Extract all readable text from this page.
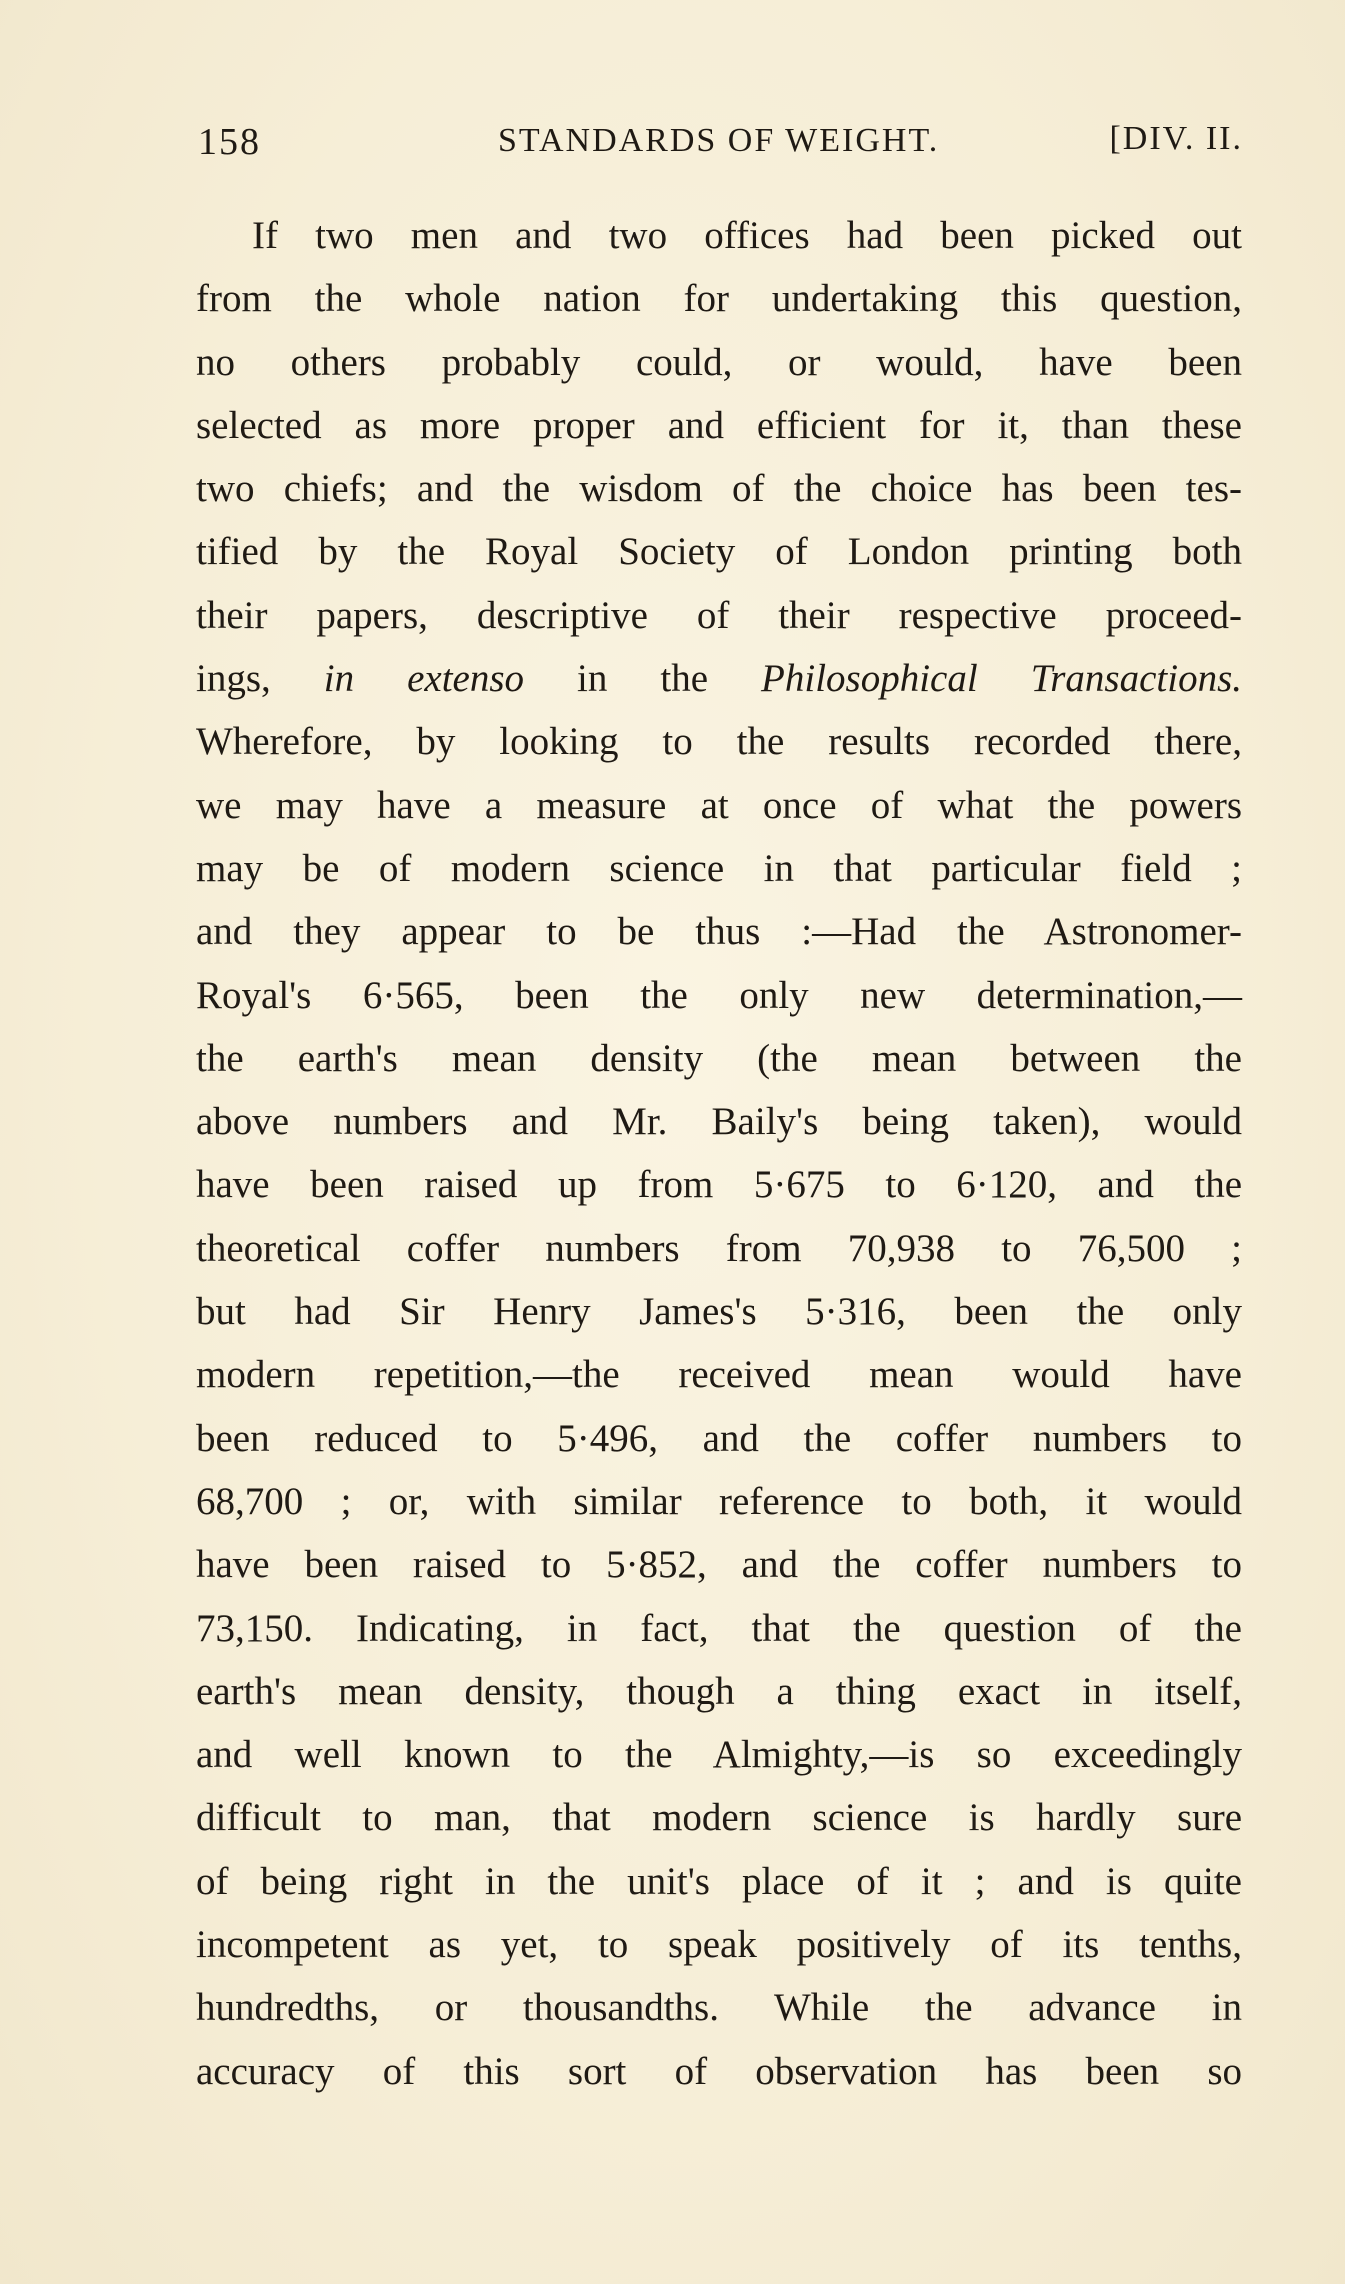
158	STANDARDS OF WEIGHT.	[DIV. II.
If two men and two offices had been picked out
from the whole nation for undertaking this question,
no others probably could, or would, have been
selected as more proper and efficient for it, than these
two chiefs; and the wisdom of the choice has been tes-
tified by the Royal Society of London printing both
their papers, descriptive of their respective proceed-
ings, in extenso in the Philosophical Transactions.
Wherefore, by looking to the results recorded there,
we may have a measure at once of what the powers
may be of modern science in that particular field ;
and they appear to be thus :—Had the Astronomer-
Royal's 6·565, been the only new determination,—
the earth's mean density (the mean between the
above numbers and Mr. Baily's being taken), would
have been raised up from 5·675 to 6·120, and the
theoretical coffer numbers from 70,938 to 76,500 ;
but had Sir Henry James's 5·316, been the only
modern repetition,—the received mean would have
been reduced to 5·496, and the coffer numbers to
68,700 ; or, with similar reference to both, it would
have been raised to 5·852, and the coffer numbers to
73,150. Indicating, in fact, that the question of the
earth's mean density, though a thing exact in itself,
and well known to the Almighty,—is so exceedingly
difficult to man, that modern science is hardly sure
of being right in the unit's place of it ; and is quite
incompetent as yet, to speak positively of its tenths,
hundredths, or thousandths. While the advance in
accuracy of this sort of observation has been so
